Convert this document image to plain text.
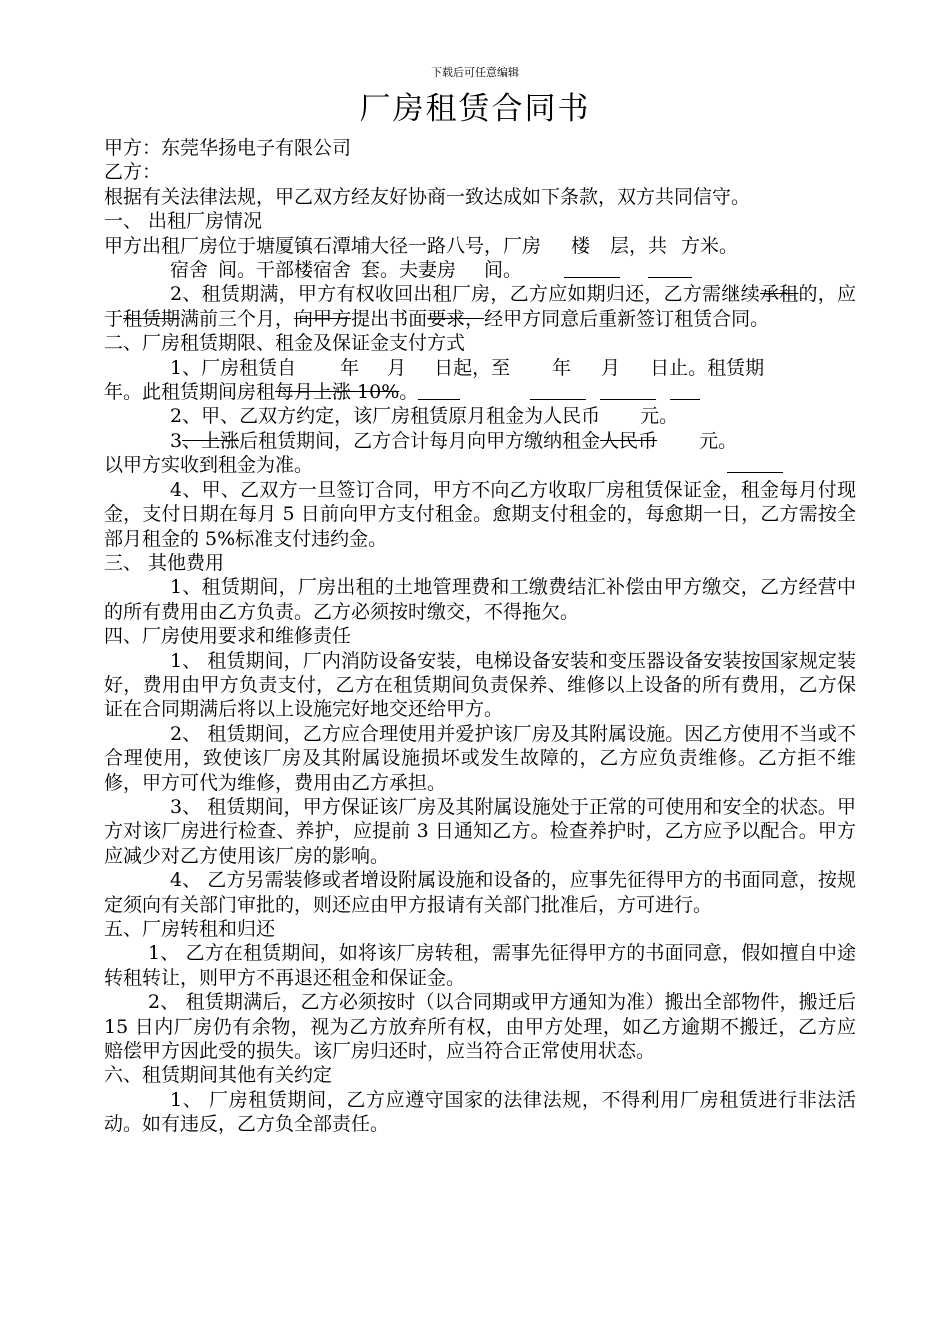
下载后可任意编辑
厂房租赁合同书

甲方：东莞华扬电子有限公司

乙方：

根据有关法律法规，甲乙双方经友好协商一致达成如下条款，双方共同信守。

一、 出租厂房情况

甲方出租厂房位于塘厦镇石潭埔大径一路八号，厂房 楼 层，共 方米。
宿舍 间。干部楼宿舍 套。夫妻房 间。

2、租赁期满，甲方有权收回出租厂房，乙方应如期归还，乙方需继续承租的，应于租赁期满前三个月，向甲方提出书面要求，经甲方同意后重新签订租赁合同。

二、厂房租赁期限、租金及保证金支付方式

1、厂房租赁自 年 月 日起，至 年 月 日止。租赁期
年。此租赁期间房租每月上涨 10%。

2、甲、乙双方约定，该厂房租赁原月租金为人民币 元。

3、上涨后租赁期间，乙方合计每月向甲方缴纳租金人民币 元。
以甲方实收到租金为准。

4、甲、乙双方一旦签订合同，甲方不向乙方收取厂房租赁保证金，租金每月付现金，支付日期在每月 5 日前向甲方支付租金。愈期支付租金的，每愈期一日，乙方需按全部月租金的 5%标准支付违约金。

三、 其他费用

1、租赁期间，厂房出租的土地管理费和工缴费结汇补偿由甲方缴交，乙方经营中的所有费用由乙方负责。乙方必须按时缴交，不得拖欠。

四、厂房使用要求和维修责任

1、 租赁期间，厂内消防设备安装，电梯设备安装和变压器设备安装按国家规定装好，费用由甲方负责支付，乙方在租赁期间负责保养、维修以上设备的所有费用，乙方保证在合同期满后将以上设施完好地交还给甲方。

2、 租赁期间，乙方应合理使用并爱护该厂房及其附属设施。因乙方使用不当或不合理使用，致使该厂房及其附属设施损坏或发生故障的，乙方应负责维修。乙方拒不维修，甲方可代为维修，费用由乙方承担。

3、 租赁期间，甲方保证该厂房及其附属设施处于正常的可使用和安全的状态。甲方对该厂房进行检查、养护，应提前 3 日通知乙方。检查养护时，乙方应予以配合。甲方应减少对乙方使用该厂房的影响。

4、 乙方另需装修或者增设附属设施和设备的，应事先征得甲方的书面同意，按规定须向有关部门审批的，则还应由甲方报请有关部门批准后，方可进行。

五、厂房转租和归还

1、 乙方在租赁期间，如将该厂房转租，需事先征得甲方的书面同意，假如擅自中途转租转让，则甲方不再退还租金和保证金。

2、 租赁期满后，乙方必须按时（以合同期或甲方通知为准）搬出全部物件，搬迁后 15 日内厂房仍有余物，视为乙方放弃所有权，由甲方处理，如乙方逾期不搬迁，乙方应赔偿甲方因此受的损失。该厂房归还时，应当符合正常使用状态。

六、租赁期间其他有关约定

1、 厂房租赁期间，乙方应遵守国家的法律法规，不得利用厂房租赁进行非法活动。如有违反，乙方负全部责任。
